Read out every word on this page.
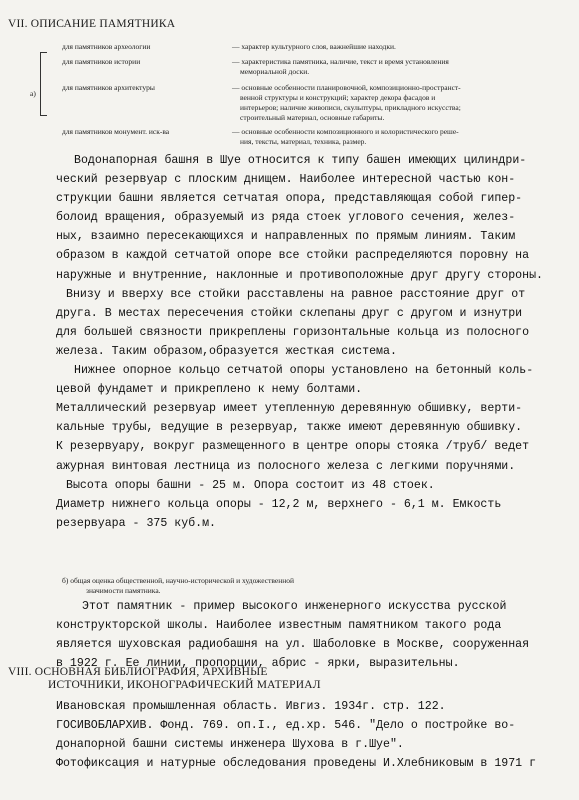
VII. ОПИСАНИЕ ПАМЯТНИКА
а)
для памятников археологии	— характер культурного слоя, важнейшие находки.
для памятников истории	— характеристика памятника, наличие, текст и время установления
мемориальной доски.
для памятников архитектуры	— основные особенности планировочной, композиционно-пространст-
венной структуры и конструкций; характер декора фасадов и
интерьеров; наличие живописи, скульптуры, прикладного искусства;
строительный материал, основные габариты.
для памятников монумент. иск-ва	— основные особенности композиционного и колористического реше-
ния, тексты, материал, техника, размер.
Водонапорная башня в Шуе относится к типу башен имеющих цилиндри-
ческий резервуар с плоским днищем. Наиболее интересной частью кон-
струкции башни является сетчатая опора, представляющая собой гипер-
болоид вращения, образуемый из ряда стоек углового сечения, желез-
ных, взаимно пересекающихся и направленных по прямым линиям. Таким
образом в каждой сетчатой опоре все стойки распределяются поровну на
наружные и внутренние, наклонные и противоположные друг другу стороны.
Внизу и вверху все стойки расставлены на равное расстояние друг от
друга. В местах пересечения стойки склепаны друг с другом и изнутри
для большей связности прикреплены горизонтальные кольца из полосного
железа. Таким образом,образуется жесткая система.
Нижнее опорное кольцо сетчатой опоры установлено на бетонный коль-
цевой фундамет и прикреплено к нему болтами.
Металлический резервуар имеет утепленную деревянную обшивку, верти-
кальные трубы, ведущие в резервуар, также имеют деревянную обшивку.
К резервуару, вокруг размещенного в центре опоры стояка /труб/ ведет
ажурная винтовая лестница из полосного железа с легкими поручнями.
Высота опоры башни - 25 м. Опора состоит из 48 стоек.
Диаметр нижнего кольца опоры - 12,2 м, верхнего - 6,1 м. Емкость
резервуара - 375 куб.м.
б) общая оценка общественной, научно-исторической и художественной
значимости памятника.
Этот памятник - пример высокого инженерного искусства русской
конструкторской школы. Наиболее известным памятником такого рода
является шуховская радиобашня на ул. Шаболовке в Москве, сооруженная
в 1922 г. Ее линии, пропорции, абрис - ярки, выразительны.
VIII. ОСНОВНАЯ БИБЛИОГРАФИЯ, АРХИВНЫЕ
ИСТОЧНИКИ, ИКОНОГРАФИЧЕСКИЙ МАТЕРИАЛ
Ивановская промышленная область. Ивгиз. 1934г. стр. 122.
ГОСИВОБЛАРХИВ. Фонд. 769. оп.I., ед.хр. 546. "Дело о постройке во-
донапорной башни системы инженера Шухова в г.Шуе".
Фотофиксация и натурные обследования проведены И.Хлебниковым в 1971 г
